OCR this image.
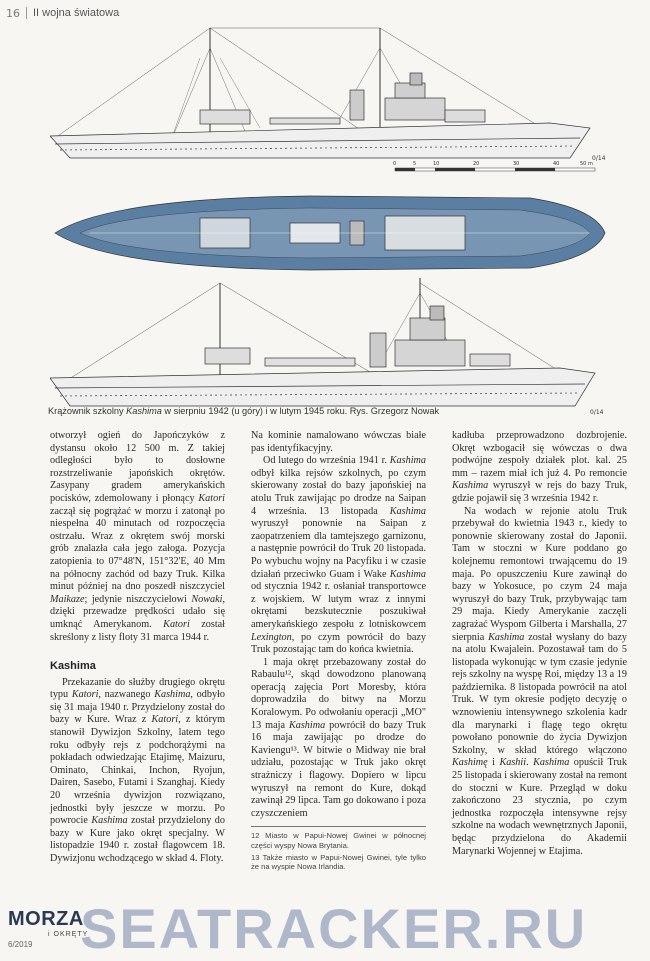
16 II wojna światowa
0/14
0	5	10	20	30	40	50 m
0/14
Krążownik szkolny Kashima w sierpniu 1942 (u góry) i w lutym 1945 roku. Rys. Grzegorz Nowak

otworzył ogień do Japończyków z dystansu około 12 500 m. Z takiej odległości było to dosłowne rozstrzeliwanie japońskich okrętów. Zasypany gradem amerykańskich pocisków, zdemolowany i płonący Katori zaczął się pogrążać w morzu i zatonął po niespełna 40 minutach od rozpoczęcia ostrzału. Wraz z okrętem swój morski grób znalazła cała jego załoga. Pozycja zatopienia to 07°48'N, 151°32'E, 40 Mm na północny zachód od bazy Truk. Kilka minut później na dno poszedł niszczyciel Maikaze; jedynie niszczycielowi Nowaki, dzięki przewadze prędkości udało się umknąć Amerykanom. Katori został skreślony z listy floty 31 marca 1944 r.

Kashima

Przekazanie do służby drugiego okrętu typu Katori, nazwanego Kashima, odbyło się 31 maja 1940 r. Przydzielony został do bazy w Kure. Wraz z Katori, z którym stanowił Dywizjon Szkolny, latem tego roku odbyły rejs z podchorążymi na pokładach odwiedzając Etajimę, Maizuru, Ominato, Chinkai, Inchon, Ryojun, Dairen, Sasebo, Futami i Szanghaj. Kiedy 20 września dywizjon rozwiązano, jednostki były jeszcze w morzu. Po powrocie Kashima został przydzielony do bazy w Kure jako okręt specjalny. W listopadzie 1940 r. został flagowcem 18. Dywizjonu wchodzącego w skład 4. Floty.

Na kominie namalowano wówczas białe pas identyfikacyjny.

Od lutego do września 1941 r. Kashima odbył kilka rejsów szkolnych, po czym skierowany został do bazy japońskiej na atolu Truk zawijając po drodze na Saipan 4 września. 13 listopada Kashima wyruszył ponownie na Saipan z zaopatrzeniem dla tamtejszego garnizonu, a następnie powrócił do Truk 20 listopada. Po wybuchu wojny na Pacyfiku i w czasie działań przeciwko Guam i Wake Kashima od stycznia 1942 r. osłaniał transportowce z wojskiem. W lutym wraz z innymi okrętami bezskutecznie poszukiwał amerykańskiego zespołu z lotniskowcem Lexington, po czym powrócił do bazy Truk pozostając tam do końca kwietnia.

1 maja okręt przebazowany został do Rabaulu¹², skąd dowodzono planowaną operacją zajęcia Port Moresby, która doprowadziła do bitwy na Morzu Koralowym. Po odwołaniu operacji „MO" 13 maja Kashima powrócił do bazy Truk 16 maja zawijając po drodze do Kaviengu¹³. W bitwie o Midway nie brał udziału, pozostając w Truk jako okręt strażniczy i flagowy. Dopiero w lipcu wyruszył na remont do Kure, dokąd zawinął 29 lipca. Tam go dokowano i poza czyszczeniem

12 Miasto w Papui-Nowej Gwinei w północnej części wyspy Nowa Brytania.
13 Także miasto w Papui-Nowej Gwinei, tyle tylko że na wyspie Nowa Irlandia.

kadłuba przeprowadzono dozbrojenie. Okręt wzbogacił się wówczas o dwa podwójne zespoły działek plot. kal. 25 mm – razem miał ich już 4. Po remoncie Kashima wyruszył w rejs do bazy Truk, gdzie pojawił się 3 września 1942 r.

Na wodach w rejonie atolu Truk przebywał do kwietnia 1943 r., kiedy to ponownie skierowany został do Japonii. Tam w stoczni w Kure poddano go kolejnemu remontowi trwającemu do 19 maja. Po opuszczeniu Kure zawinął do bazy w Yokosuce, po czym 24 maja wyruszył do bazy Truk, przybywając tam 29 maja. Kiedy Amerykanie zaczęli zagrażać Wyspom Gilberta i Marshalla, 27 sierpnia Kashima został wysłany do bazy na atolu Kwajalein. Pozostawał tam do 5 listopada wykonując w tym czasie jedynie rejs szkolny na wyspę Roi, między 13 a 19 października. 8 listopada powrócił na atol Truk. W tym okresie podjęto decyzję o wznowieniu intensywnego szkolenia kadr dla marynarki i flagę tego okrętu powołano ponownie do życia Dywizjon Szkolny, w skład którego włączono Kashimę i Kashii. Kashima opuścił Truk 25 listopada i skierowany został na remont do stoczni w Kure. Przegląd w doku zakończono 23 stycznia, po czym jednostka rozpoczęła intensywne rejsy szkolne na wodach wewnętrznych Japonii, będąc przydzielona do Akademii Marynarki Wojennej w Etajima.

MORZA
i OKRĘTY
6/2019 SEATRACKER.RU
